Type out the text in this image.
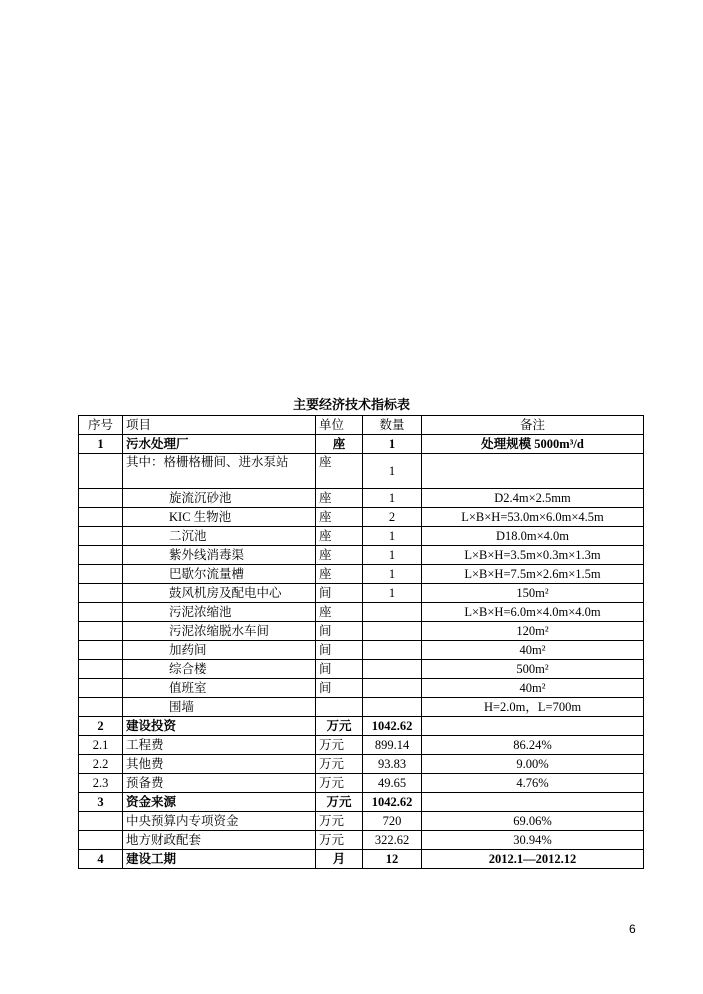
主要经济技术指标表
序号	项目	单位	数量	备注
1	污水处理厂	座	1	处理规模 5000m³/d
	其中：格栅格栅间、进水泵站	座	1	
	旋流沉砂池	座	1	D2.4m×2.5mm
	KIC 生物池	座	2	L×B×H=53.0m×6.0m×4.5m
	二沉池	座	1	D18.0m×4.0m
	紫外线消毒渠	座	1	L×B×H=3.5m×0.3m×1.3m
	巴歇尔流量槽	座	1	L×B×H=7.5m×2.6m×1.5m
	鼓风机房及配电中心	间	1	150m²
	污泥浓缩池	座		L×B×H=6.0m×4.0m×4.0m
	污泥浓缩脱水车间	间		120m²
	加药间	间		40m²
	综合楼	间		500m²
	值班室	间		40m²
	围墙			H=2.0m，L=700m
2	建设投资	万元	1042.62	
2.1	工程费	万元	899.14	86.24%
2.2	其他费	万元	93.83	9.00%
2.3	预备费	万元	49.65	4.76%
3	资金来源	万元	1042.62	
	中央预算内专项资金	万元	720	69.06%
	地方财政配套	万元	322.62	30.94%
4	建设工期	月	12	2012.1—2012.12
6
